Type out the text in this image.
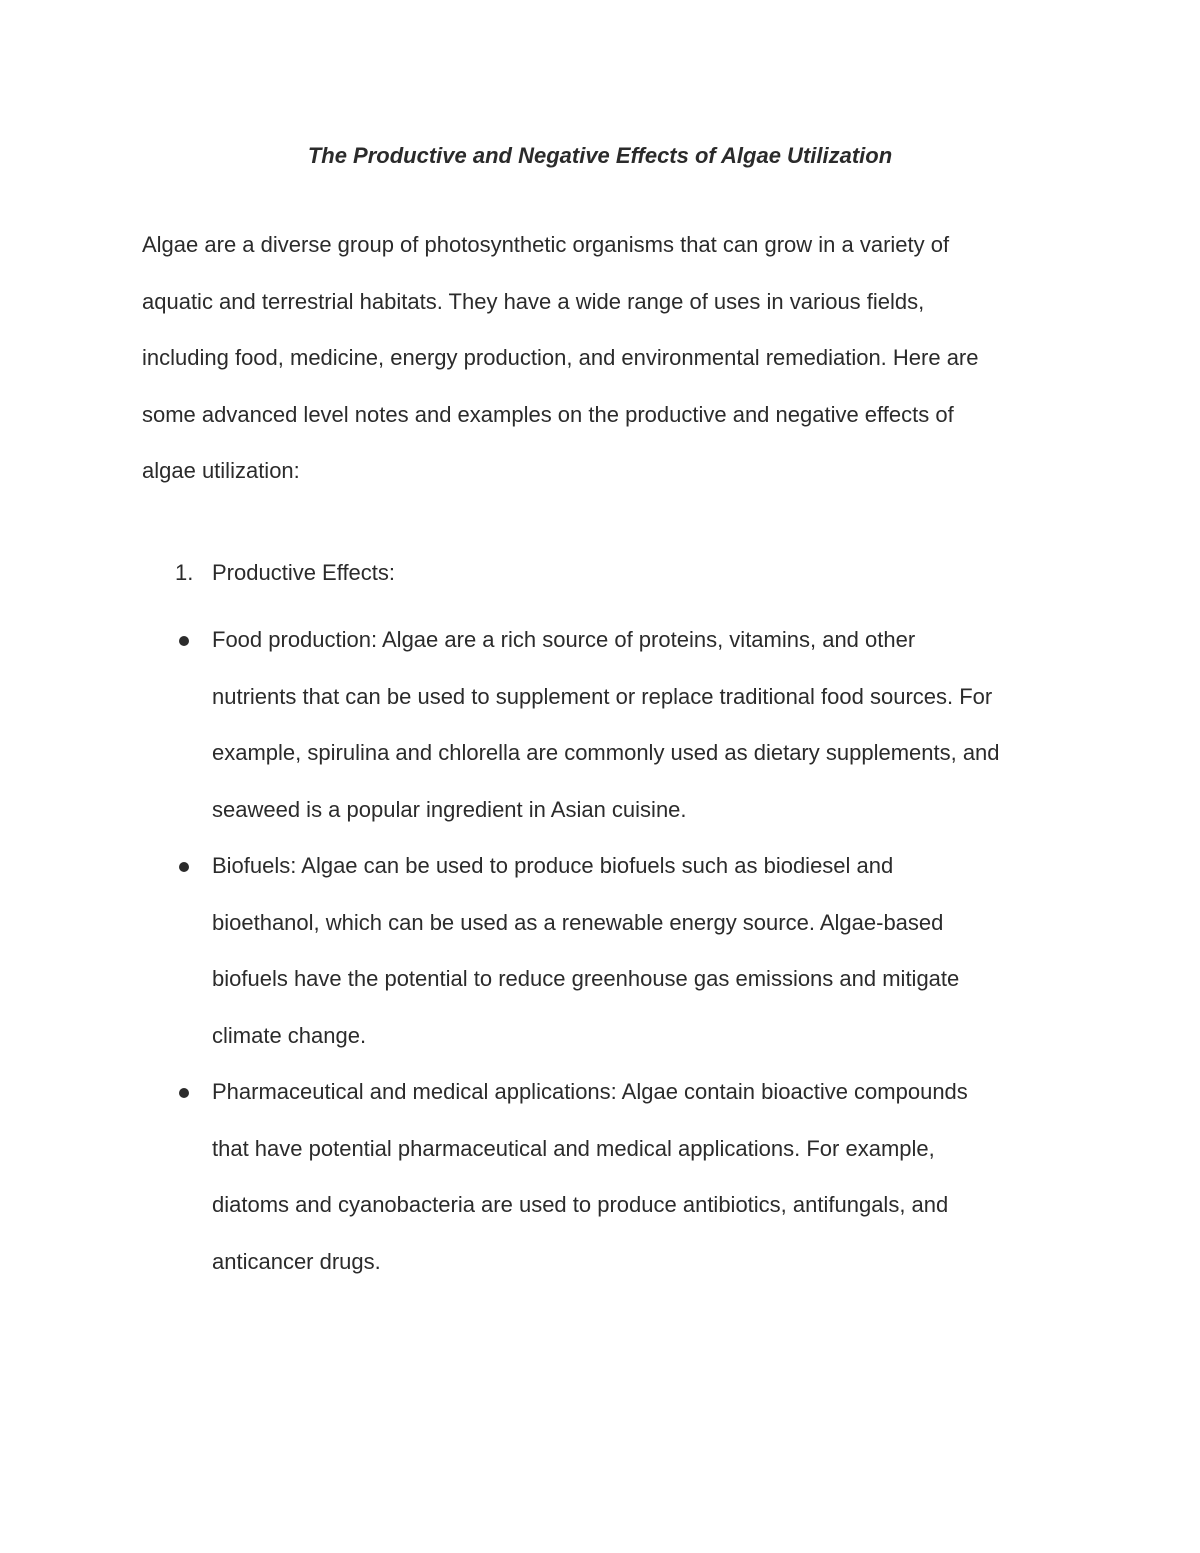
The Productive and Negative Effects of Algae Utilization

Algae are a diverse group of photosynthetic organisms that can grow in a variety of
aquatic and terrestrial habitats. They have a wide range of uses in various fields,
including food, medicine, energy production, and environmental remediation. Here are
some advanced level notes and examples on the productive and negative effects of
algae utilization:

1. Productive Effects:
Food production: Algae are a rich source of proteins, vitamins, and other
nutrients that can be used to supplement or replace traditional food sources. For
example, spirulina and chlorella are commonly used as dietary supplements, and
seaweed is a popular ingredient in Asian cuisine.
Biofuels: Algae can be used to produce biofuels such as biodiesel and
bioethanol, which can be used as a renewable energy source. Algae-based
biofuels have the potential to reduce greenhouse gas emissions and mitigate
climate change.
Pharmaceutical and medical applications: Algae contain bioactive compounds
that have potential pharmaceutical and medical applications. For example,
diatoms and cyanobacteria are used to produce antibiotics, antifungals, and
anticancer drugs.
